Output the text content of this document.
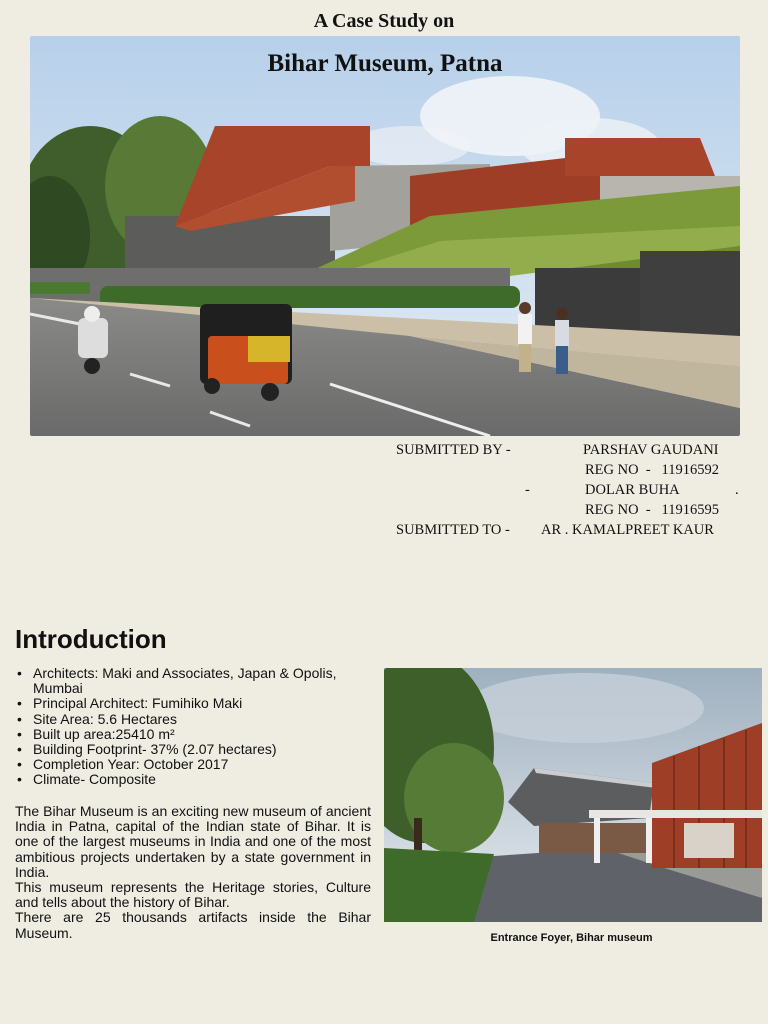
A Case Study on
Bihar Museum, Patna
SUBMITTED BY -	PARSHAV GAUDANI
REG NO  -   11916592
-	DOLAR BUHA	.
REG NO  -   11916595
SUBMITTED TO - AR . KAMALPREET KAUR
Introduction
• Architects: Maki and Associates, Japan & Opolis, Mumbai
• Principal Architect: Fumihiko Maki
• Site Area: 5.6 Hectares
• Built up area:25410 m²
• Building Footprint- 37% (2.07 hectares)
• Completion Year: October 2017
• Climate- Composite

The Bihar Museum is an exciting new museum of ancient India in Patna, capital of the Indian state of Bihar. It is one of the largest museums in India and one of the most ambitious projects undertaken by a state government in India.

This museum represents the Heritage stories, Culture and tells about the history of Bihar.

There are 25 thousands artifacts inside the Bihar Museum.	Entrance Foyer, Bihar museum
